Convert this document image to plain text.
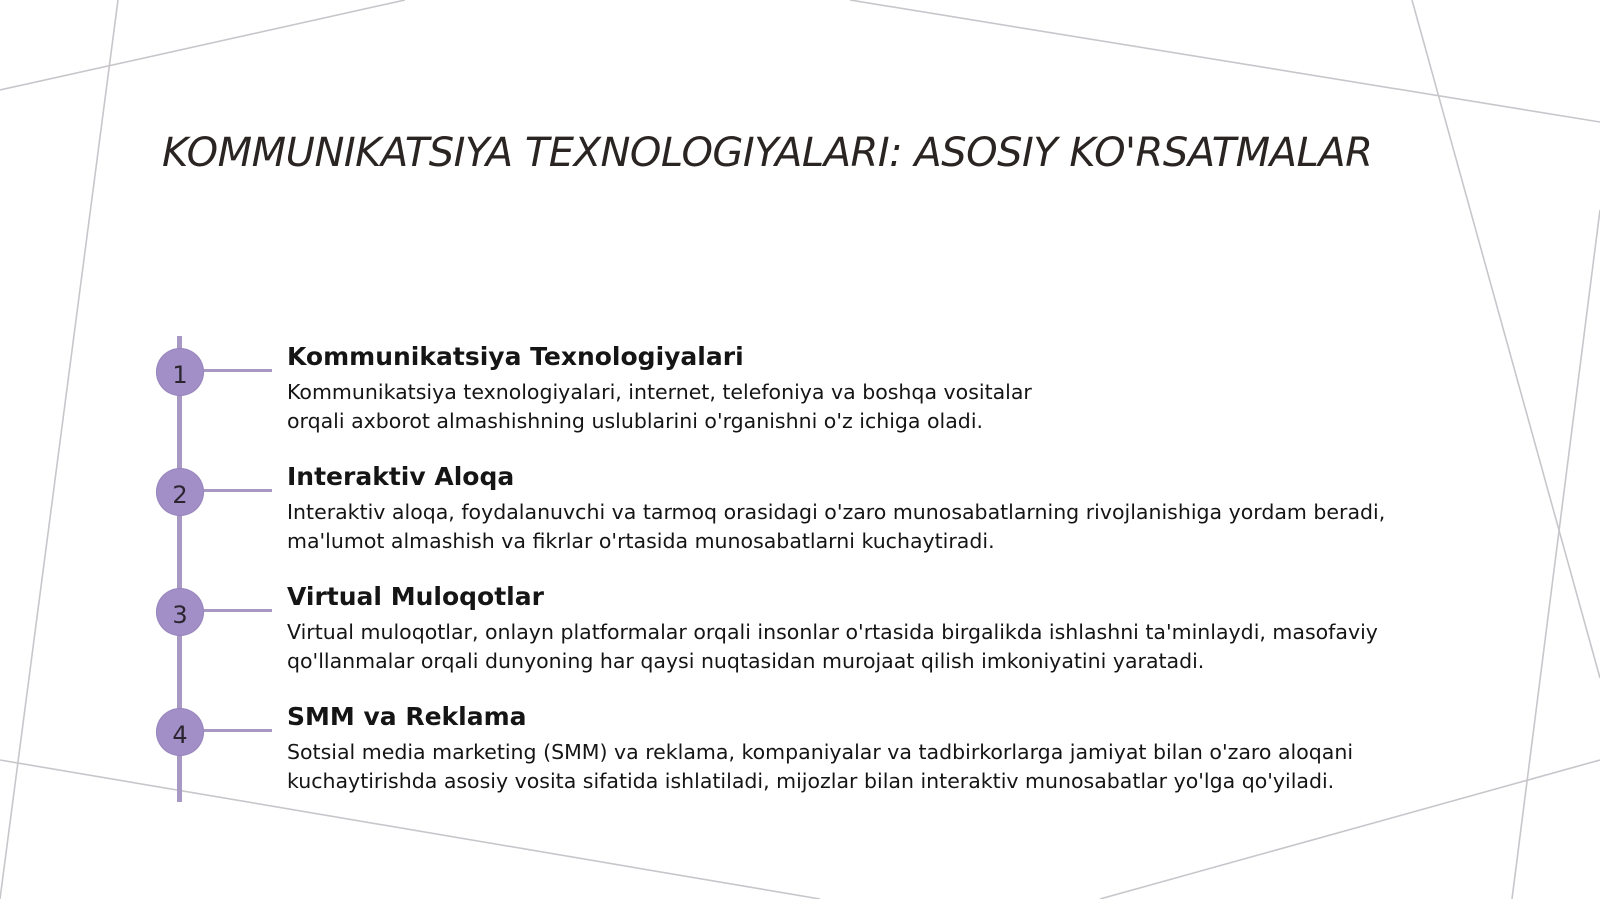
KOMMUNIKATSIYA TEXNOLOGIYALARI: ASOSIY KO'RSATMALAR
1
Kommunikatsiya Texnologiyalari

Kommunikatsiya texnologiyalari, internet, telefoniya va boshqa vositalar orqali axborot almashishning uslublarini o'rganishni o'z ichiga oladi.

2
Interaktiv Aloqa

Interaktiv aloqa, foydalanuvchi va tarmoq orasidagi o'zaro munosabatlarning rivojlanishiga yordam beradi, ma'lumot almashish va fikrlar o'rtasida munosabatlarni kuchaytiradi.

3
Virtual Muloqotlar

Virtual muloqotlar, onlayn platformalar orqali insonlar o'rtasida birgalikda ishlashni ta'minlaydi, masofaviy qo'llanmalar orqali dunyoning har qaysi nuqtasidan murojaat qilish imkoniyatini yaratadi.

4
SMM va Reklama

Sotsial media marketing (SMM) va reklama, kompaniyalar va tadbirkorlarga jamiyat bilan o'zaro aloqani kuchaytirishda asosiy vosita sifatida ishlatiladi, mijozlar bilan interaktiv munosabatlar yo'lga qo'yiladi.
